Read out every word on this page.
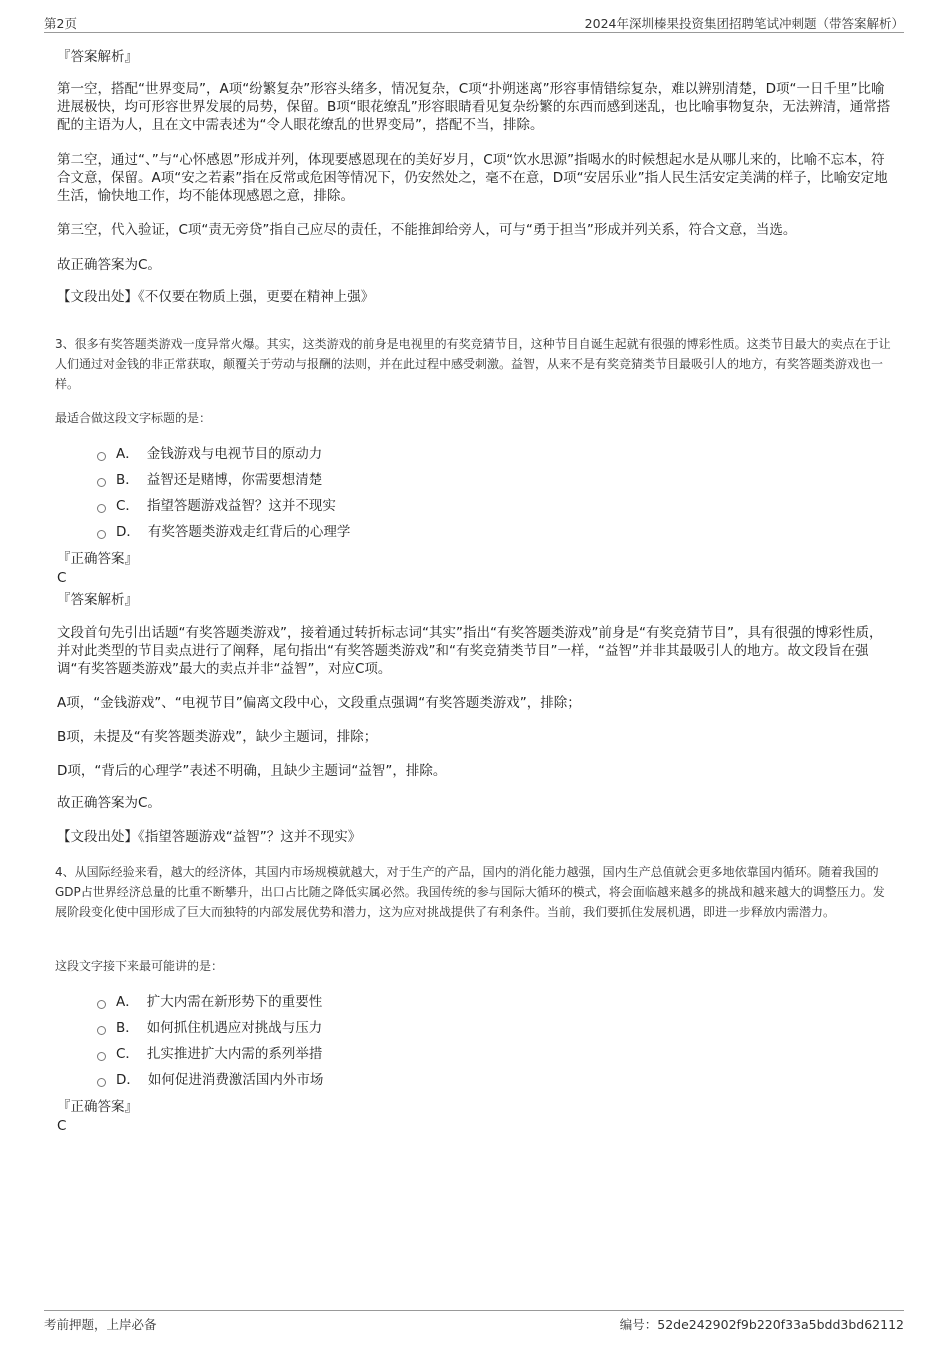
第2页	2024年深圳榛果投资集团招聘笔试冲刺题（带答案解析）
『答案解析』
第一空，搭配“世界变局”，A项“纷繁复杂”形容头绪多，情况复杂，C项“扑朔迷离”形容事情错综复杂，难以辨别清楚，D项“一日千里”比喻进展极快，均可形容世界发展的局势，保留。B项“眼花缭乱”形容眼睛看见复杂纷繁的东西而感到迷乱，也比喻事物复杂，无法辨清，通常搭配的主语为人，且在文中需表述为“令人眼花缭乱的世界变局”，搭配不当，排除。
第二空，通过“、”与“心怀感恩”形成并列，体现要感恩现在的美好岁月，C项“饮水思源”指喝水的时候想起水是从哪儿来的，比喻不忘本，符合文意，保留。A项“安之若素”指在反常或危困等情况下，仍安然处之，毫不在意，D项“安居乐业”指人民生活安定美满的样子，比喻安定地生活，愉快地工作，均不能体现感恩之意，排除。
第三空，代入验证，C项“责无旁贷”指自己应尽的责任，不能推卸给旁人，可与“勇于担当”形成并列关系，符合文意，当选。
故正确答案为C。
【文段出处】《不仅要在物质上强，更要在精神上强》
3、很多有奖答题类游戏一度异常火爆。其实，这类游戏的前身是电视里的有奖竞猜节目，这种节目自诞生起就有很强的博彩性质。这类节目最大的卖点在于让人们通过对金钱的非正常获取，颠覆关于劳动与报酬的法则，并在此过程中感受刺激。益智，从来不是有奖竞猜类节目最吸引人的地方，有奖答题类游戏也一样。
最适合做这段文字标题的是：
A． 金钱游戏与电视节目的原动力
B． 益智还是赌博，你需要想清楚
C． 指望答题游戏益智？这并不现实
D． 有奖答题类游戏走红背后的心理学
『正确答案』
C
『答案解析』
文段首句先引出话题“有奖答题类游戏”，接着通过转折标志词“其实”指出“有奖答题类游戏”前身是“有奖竞猜节目”，具有很强的博彩性质，并对此类型的节目卖点进行了阐释，尾句指出“有奖答题类游戏”和“有奖竞猜类节目”一样，“益智”并非其最吸引人的地方。故文段旨在强调“有奖答题类游戏”最大的卖点并非“益智”，对应C项。
A项，“金钱游戏”、“电视节目”偏离文段中心，文段重点强调“有奖答题类游戏”，排除；
B项，未提及“有奖答题类游戏”，缺少主题词，排除；
D项，“背后的心理学”表述不明确，且缺少主题词“益智”，排除。
故正确答案为C。
【文段出处】《指望答题游戏“益智”？这并不现实》
4、从国际经验来看，越大的经济体，其国内市场规模就越大，对于生产的产品，国内的消化能力越强，国内生产总值就会更多地依靠国内循环。随着我国的GDP占世界经济总量的比重不断攀升，出口占比随之降低实属必然。我国传统的参与国际大循环的模式，将会面临越来越多的挑战和越来越大的调整压力。发展阶段变化使中国形成了巨大而独特的内部发展优势和潜力，这为应对挑战提供了有利条件。当前，我们要抓住发展机遇，即进一步释放内需潜力。
这段文字接下来最可能讲的是：
A． 扩大内需在新形势下的重要性
B． 如何抓住机遇应对挑战与压力
C． 扎实推进扩大内需的系列举措
D． 如何促进消费激活国内外市场
『正确答案』
C
考前押题，上岸必备	编号：52de242902f9b220f33a5bdd3bd62112
